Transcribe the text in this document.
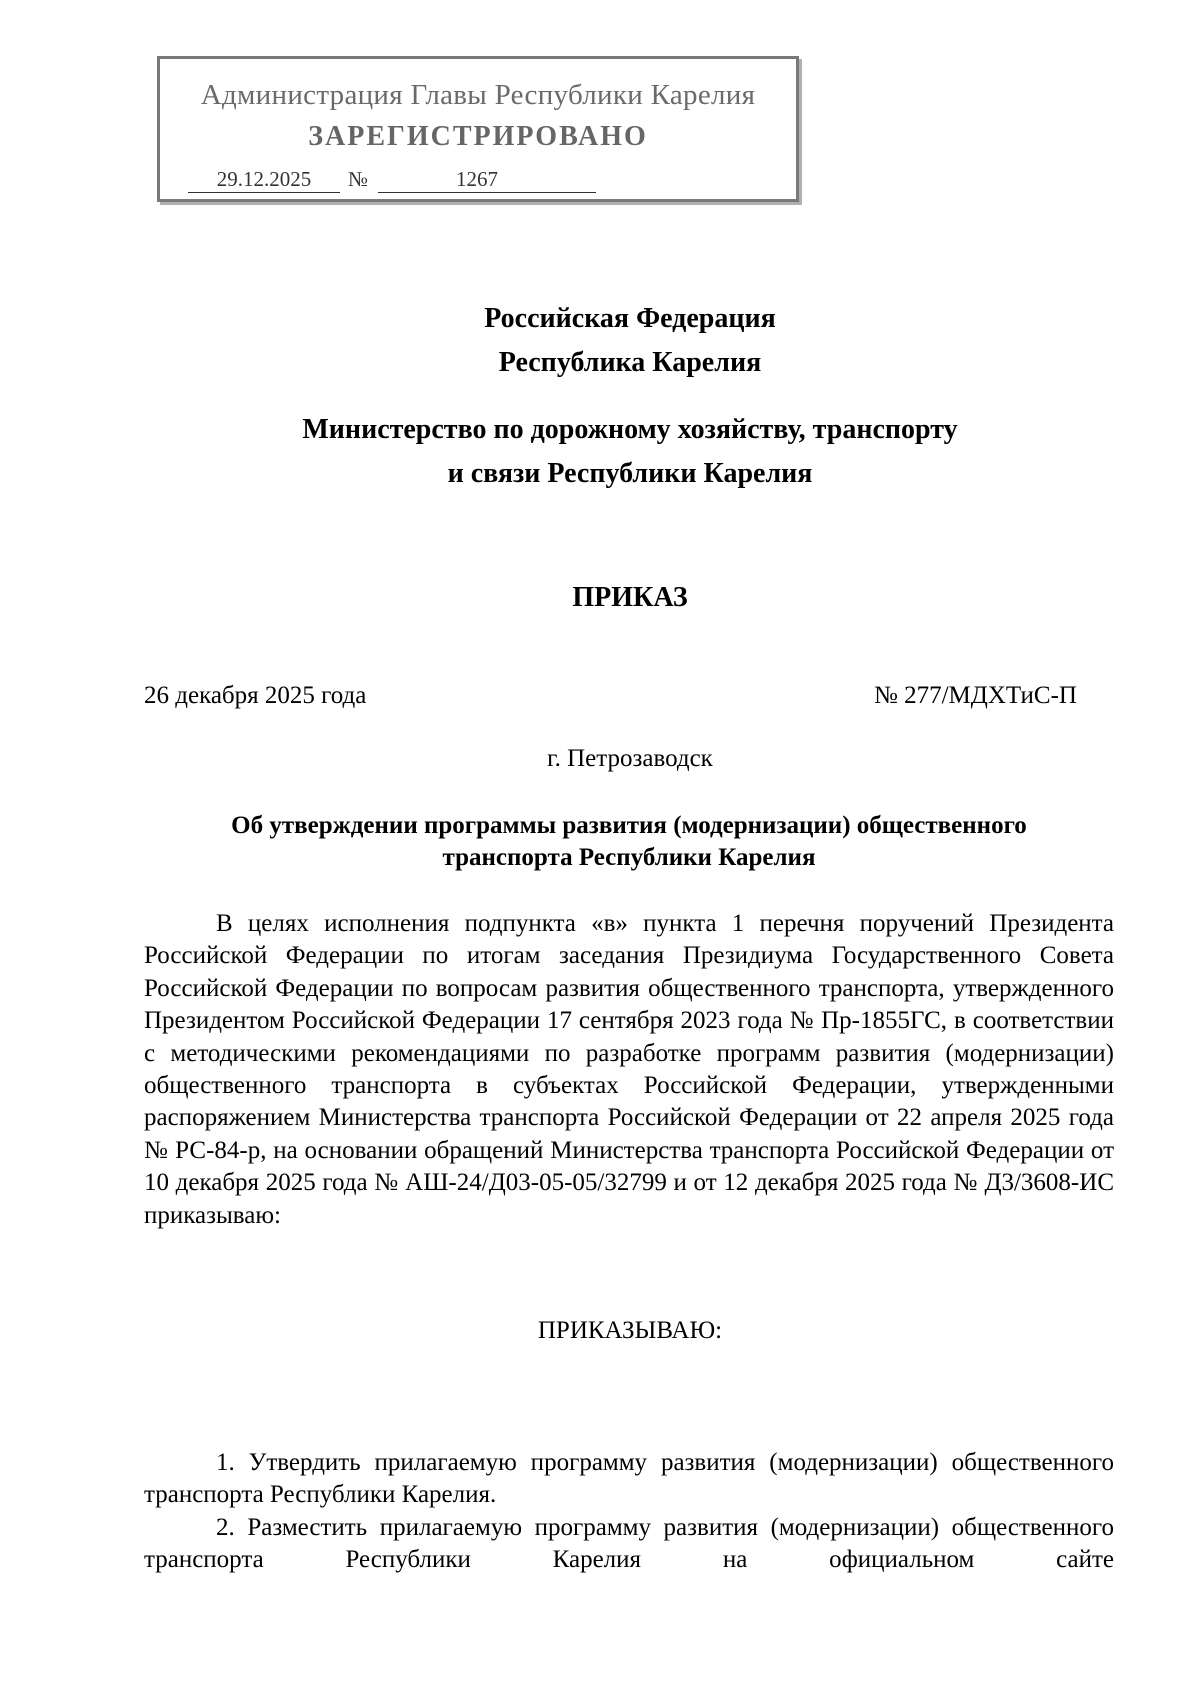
Администрация Главы Республики Карелия
ЗАРЕГИСТРИРОВАНО
29.12.2025	№	1267
Российская Федерация
Республика Карелия
Министерство по дорожному хозяйству, транспорту
и связи Республики Карелия
ПРИКАЗ
26 декабря 2025 года	№ 277/МДХТиС-П
г. Петрозаводск
Об утверждении программы развития (модернизации) общественного
транспорта Республики Карелия
В целях исполнения подпункта «в» пункта 1 перечня поручений Президента Российской Федерации по итогам заседания Президиума Государственного Совета Российской Федерации по вопросам развития общественного транспорта, утвержденного Президентом Российской Федерации 17 сентября 2023 года № Пр-1855ГС, в соответствии с методическими рекомендациями по разработке программ развития (модернизации) общественного транспорта в субъектах Российской Федерации, утвержденными распоряжением Министерства транспорта Российской Федерации от 22 апреля 2025 года № РС-84-р, на основании обращений Министерства транспорта Российской Федерации от 10 декабря 2025 года № АШ-24/Д03-05-05/32799 и от 12 декабря 2025 года № Д3/3608-ИС приказываю:
ПРИКАЗЫВАЮ:
1. Утвердить прилагаемую программу развития (модернизации) общественного транспорта Республики Карелия.
2. Разместить прилагаемую программу развития (модернизации) общественного транспорта Республики Карелия на официальном сайте
